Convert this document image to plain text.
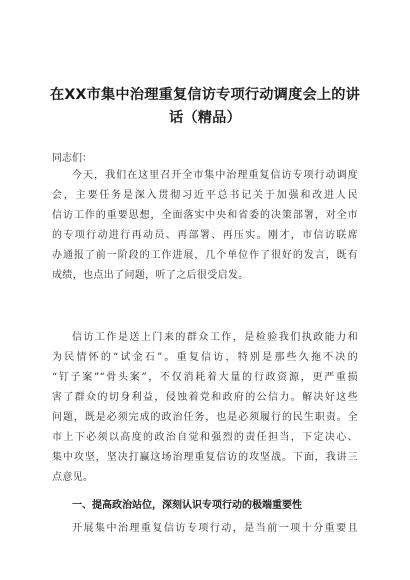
在XX市集中治理重复信访专项行动调度会上的讲
话（精品）
同志们：
今天，我们在这里召开全市集中治理重复信访专项行动调度
会，主要任务是深入贯彻习近平总书记关于加强和改进人民
信访工作的重要思想，全面落实中央和省委的决策部署，对全市
的专项行动进行再动员、再部署、再压实。刚才，市信访联席
办通报了前一阶段的工作进展，几个单位作了很好的发言，既有
成绩，也点出了问题，听了之后很受启发。
信访工作是送上门来的群众工作，是检验我们执政能力和
为民情怀的“试金石”。重复信访，特别是那些久拖不决的
“钉子案”“骨头案”，不仅消耗着大量的行政资源，更严重损
害了群众的切身利益，侵蚀着党和政府的公信力。解决好这些
问题，既是必须完成的政治任务，也是必须履行的民生职责。全
市上下必须以高度的政治自觉和强烈的责任担当，下定决心、
集中攻坚，坚决打赢这场治理重复信访的攻坚战。下面，我讲三
点意见。
一、提高政治站位，深刻认识专项行动的极端重要性
开展集中治理重复信访专项行动，是当前一项十分重要且
